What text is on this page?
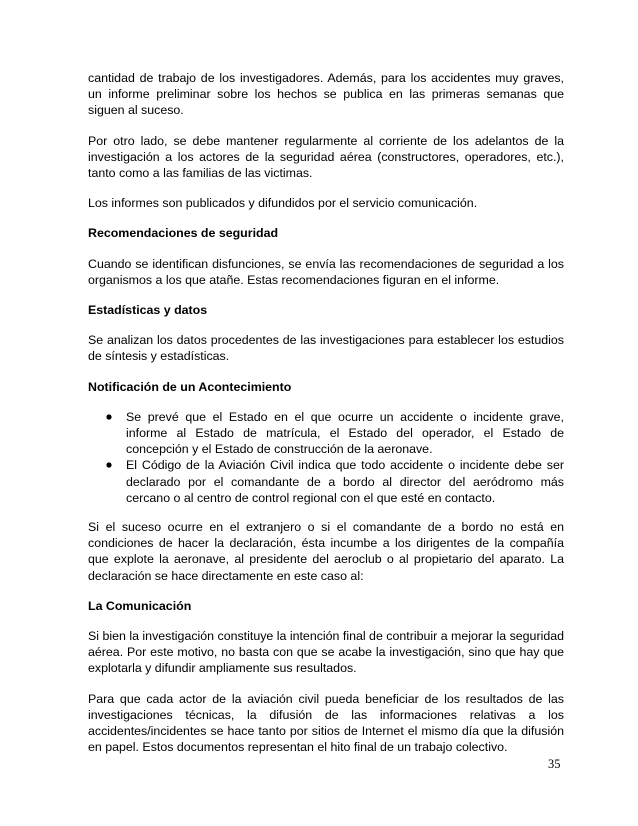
cantidad de trabajo de los investigadores. Además, para los accidentes muy graves, un informe preliminar sobre los hechos se publica en las primeras semanas que siguen al suceso.

Por otro lado, se debe mantener regularmente al corriente de los adelantos de la investigación a los actores de la seguridad aérea (constructores, operadores, etc.), tanto como a las familias de las victimas.

Los informes son publicados y difundidos por el servicio comunicación.

Recomendaciones de seguridad

Cuando se identifican disfunciones, se envía las recomendaciones de seguridad a los organismos a los que atañe. Estas recomendaciones figuran en el informe.

Estadísticas y datos

Se analizan los datos procedentes de las investigaciones para establecer los estudios de síntesis y estadísticas.

Notificación de un Acontecimiento
Se prevé que el Estado en el que ocurre un accidente o incidente grave, informe al Estado de matrícula, el Estado del operador, el Estado de concepción y el Estado de construcción de la aeronave.
El Código de la Aviación Civil indica que todo accidente o incidente debe ser declarado por el comandante de a bordo al director del aeródromo más cercano o al centro de control regional con el que esté en contacto.

Si el suceso ocurre en el extranjero o si el comandante de a bordo no está en condiciones de hacer la declaración, ésta incumbe a los dirigentes de la compañía que explote la aeronave, al presidente del aeroclub o al propietario del aparato. La declaración se hace directamente en este caso al:

La Comunicación

Si bien la investigación constituye la intención final de contribuir a mejorar la seguridad aérea. Por este motivo, no basta con que se acabe la investigación, sino que hay que explotarla y difundir ampliamente sus resultados.

Para que cada actor de la aviación civil pueda beneficiar de los resultados de las investigaciones técnicas, la difusión de las informaciones relativas a los accidentes/incidentes se hace tanto por sitios de Internet el mismo día que la difusión en papel. Estos documentos representan el hito final de un trabajo colectivo.

35
